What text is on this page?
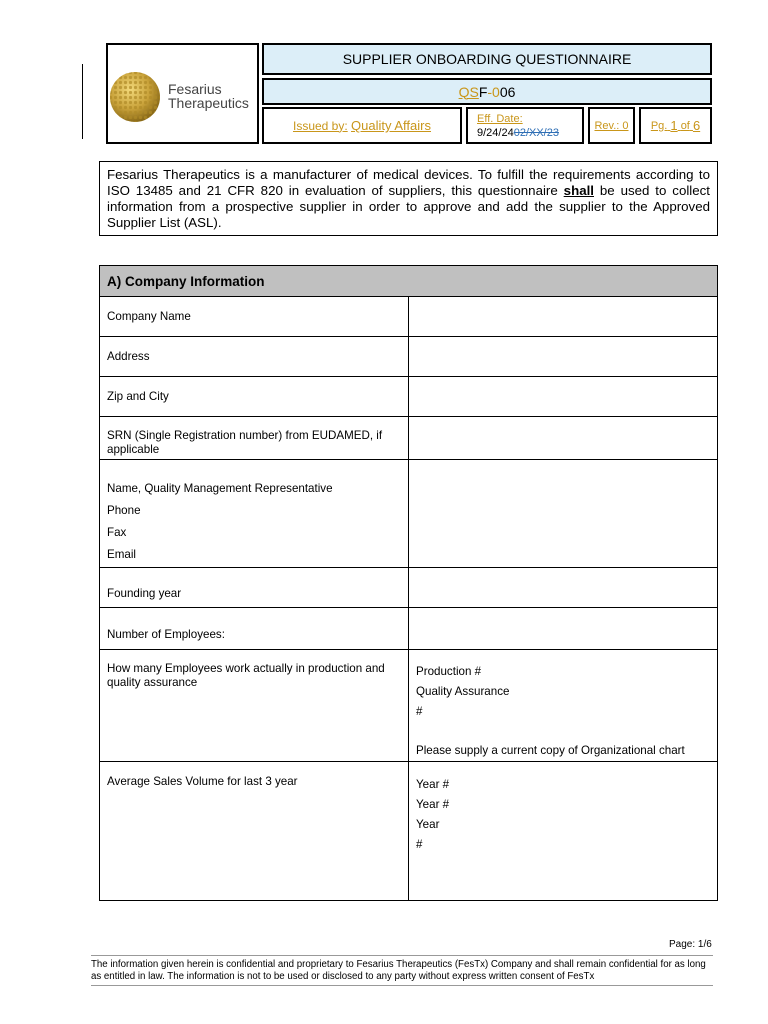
Fesarius
Therapeutics
SUPPLIER ONBOARDING QUESTIONNAIRE
QS F - 0 06
Issued by:
Quality Affairs	Eff. Date:
9/24/2402/XX/23
Rev.: 0 Pg.
1
of
6
Fesarius Therapeutics is a manufacturer of medical devices. To fulfill the requirements according to ISO 13485 and 21 CFR 820 in evaluation of suppliers, this questionnaire shall be used to collect information from a prospective supplier in order to approve and add the supplier to the Approved Supplier List (ASL).
A) Company Information	
Company Name	
Address	
Zip and City	
SRN (Single Registration number) from EUDAMED, if applicable	

Name, Quality Management Representative
Phone
Fax
Email	

Founding year	
Number of Employees:	
How many Employees work actually in production and quality assurance	Production #
Quality Assurance
#
Please supply a current copy of Organizational chart

Average Sales Volume for last 3 year	Year #
Year #
Year
#
Page: 1/6
The information given herein is confidential and proprietary to Fesarius Therapeutics (FesTx) Company and shall remain confidential for as long as entitled in law. The information is not to be used or disclosed to any party without express written consent of FesTx
